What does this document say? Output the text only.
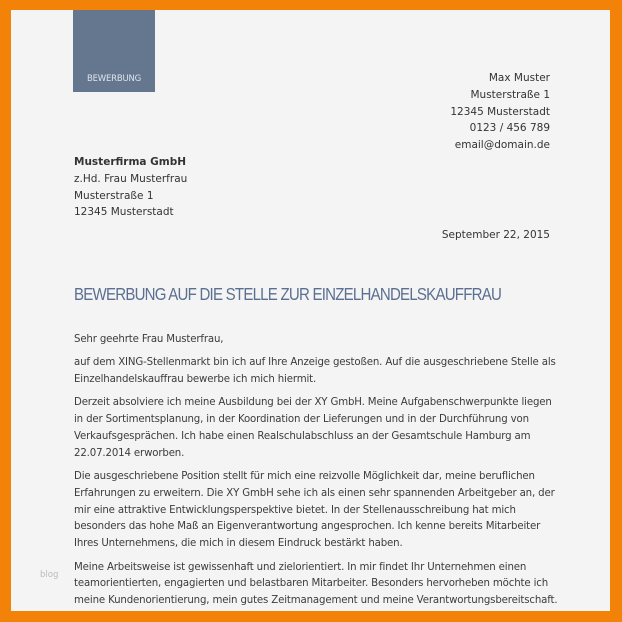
BEWERBUNG	Max Muster
Musterstraße 1
12345 Musterstadt
0123 / 456 789
email@domain.de
Musterfirma GmbH
z.Hd. Frau Musterfrau
Musterstraße 1
12345 Musterstadt
September 22, 2015
BEWERBUNG AUF DIE STELLE ZUR EINZELHANDELSKAUFFRAU

Sehr geehrte Frau Musterfrau,

auf dem XING-Stellenmarkt bin ich auf Ihre Anzeige gestoßen. Auf die ausgeschriebene Stelle als Einzelhandelskauffrau bewerbe ich mich hiermit.

Derzeit absolviere ich meine Ausbildung bei der XY GmbH. Meine Aufgabenschwerpunkte liegen in der Sortimentsplanung, in der Koordination der Lieferungen und in der Durchführung von Verkaufsgesprächen. Ich habe einen Realschulabschluss an der Gesamtschule Hamburg am 22.07.2014 erworben.

Die ausgeschriebene Position stellt für mich eine reizvolle Möglichkeit dar, meine beruflichen Erfahrungen zu erweitern. Die XY GmbH sehe ich als einen sehr spannenden Arbeitgeber an, der mir eine attraktive Entwicklungsperspektive bietet. In der Stellenausschreibung hat mich besonders das hohe Maß an Eigenverantwortung angesprochen. Ich kenne bereits Mitarbeiter Ihres Unternehmens, die mich in diesem Eindruck bestärkt haben.

Meine Arbeitsweise ist gewissenhaft und zielorientiert. In mir findet Ihr Unternehmen einen teamorientierten, engagierten und belastbaren Mitarbeiter. Besonders hervorheben möchte ich meine Kundenorientierung, mein gutes Zeitmanagement und meine Verantwortungsbereitschaft.

blog
